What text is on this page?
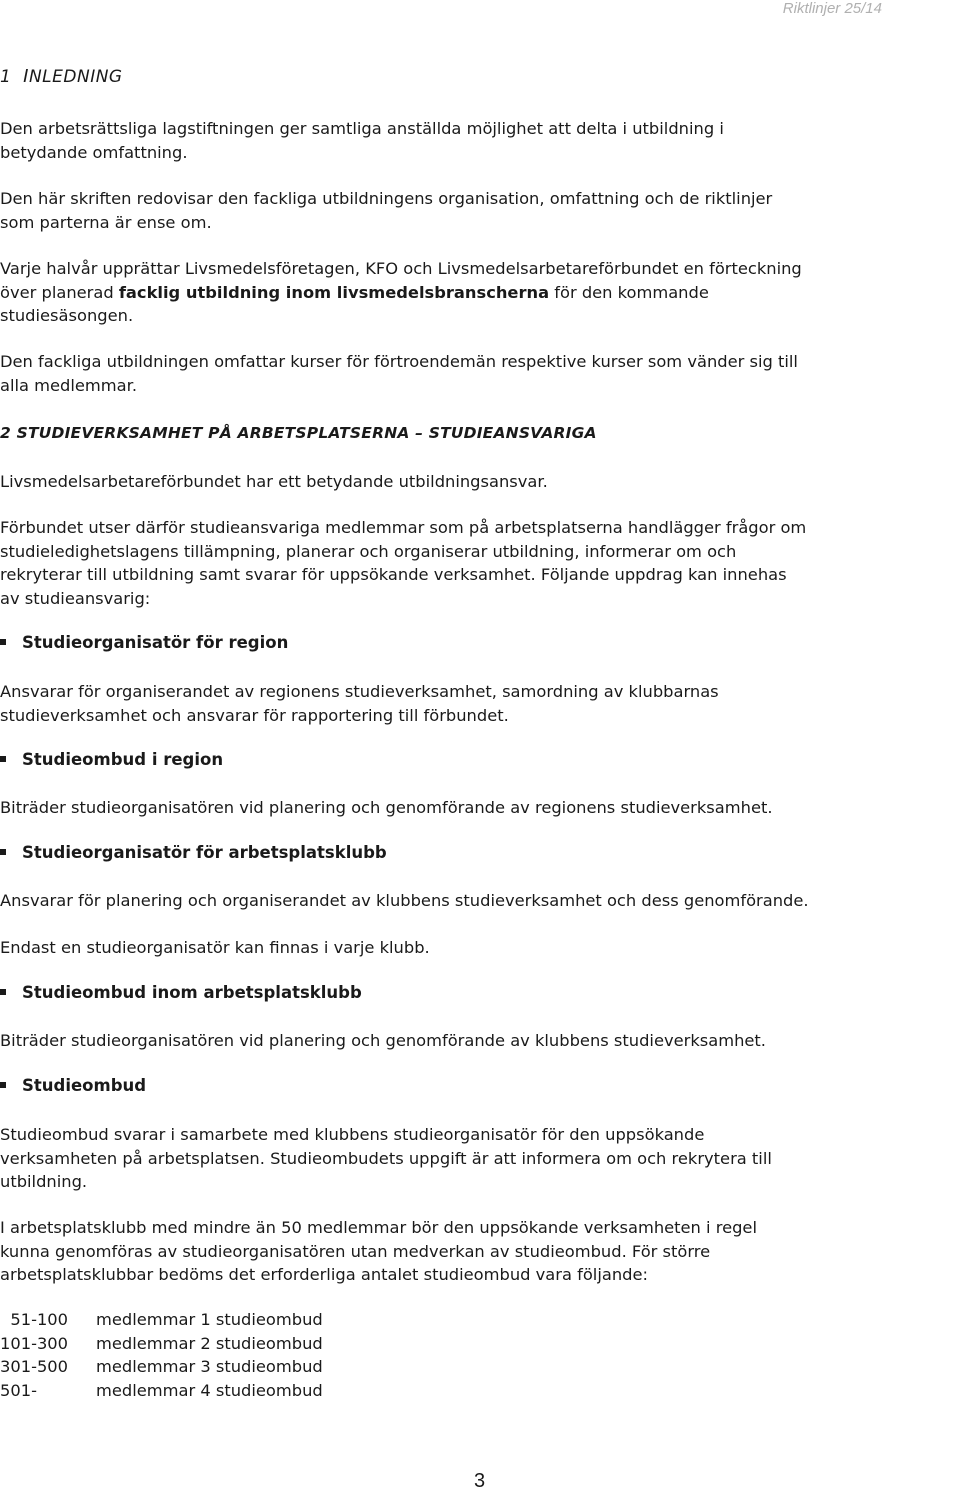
Riktlinjer 25/14
1 INLEDNING
Den arbetsrättsliga lagstiftningen ger samtliga anställda möjlighet att delta i utbildning i
betydande omfattning.
Den här skriften redovisar den fackliga utbildningens organisation, omfattning och de riktlinjer
som parterna är ense om.
Varje halvår upprättar Livsmedelsföretagen, KFO och Livsmedelsarbetareförbundet en förteckning
över planerad facklig utbildning inom livsmedelsbranscherna för den kommande
studiesäsongen.
Den fackliga utbildningen omfattar kurser för förtroendemän respektive kurser som vänder sig till
alla medlemmar.
2 STUDIEVERKSAMHET PÅ ARBETSPLATSERNA – STUDIEANSVARIGA
Livsmedelsarbetareförbundet har ett betydande utbildningsansvar.
Förbundet utser därför studieansvariga medlemmar som på arbetsplatserna handlägger frågor om
studieledighetslagens tillämpning, planerar och organiserar utbildning, informerar om och
rekryterar till utbildning samt svarar för uppsökande verksamhet. Följande uppdrag kan innehas
av studieansvarig:
Studieorganisatör för region
Ansvarar för organiserandet av regionens studieverksamhet, samordning av klubbarnas
studieverksamhet och ansvarar för rapportering till förbundet.
Studieombud i region
Biträder studieorganisatören vid planering och genomförande av regionens studieverksamhet.
Studieorganisatör för arbetsplatsklubb
Ansvarar för planering och organiserandet av klubbens studieverksamhet och dess genomförande.
Endast en studieorganisatör kan finnas i varje klubb.
Studieombud inom arbetsplatsklubb
Biträder studieorganisatören vid planering och genomförande av klubbens studieverksamhet.
Studieombud
Studieombud svarar i samarbete med klubbens studieorganisatör för den uppsökande
verksamheten på arbetsplatsen. Studieombudets uppgift är att informera om och rekrytera till
utbildning.
I arbetsplatsklubb med mindre än 50 medlemmar bör den uppsökande verksamheten i regel
kunna genomföras av studieorganisatören utan medverkan av studieombud. För större
arbetsplatsklubbar bedöms det erforderliga antalet studieombud vara följande:
51-100	medlemmar 1 studieombud
101-300	medlemmar 2 studieombud
301-500	medlemmar 3 studieombud
501-	medlemmar 4 studieombud
3
